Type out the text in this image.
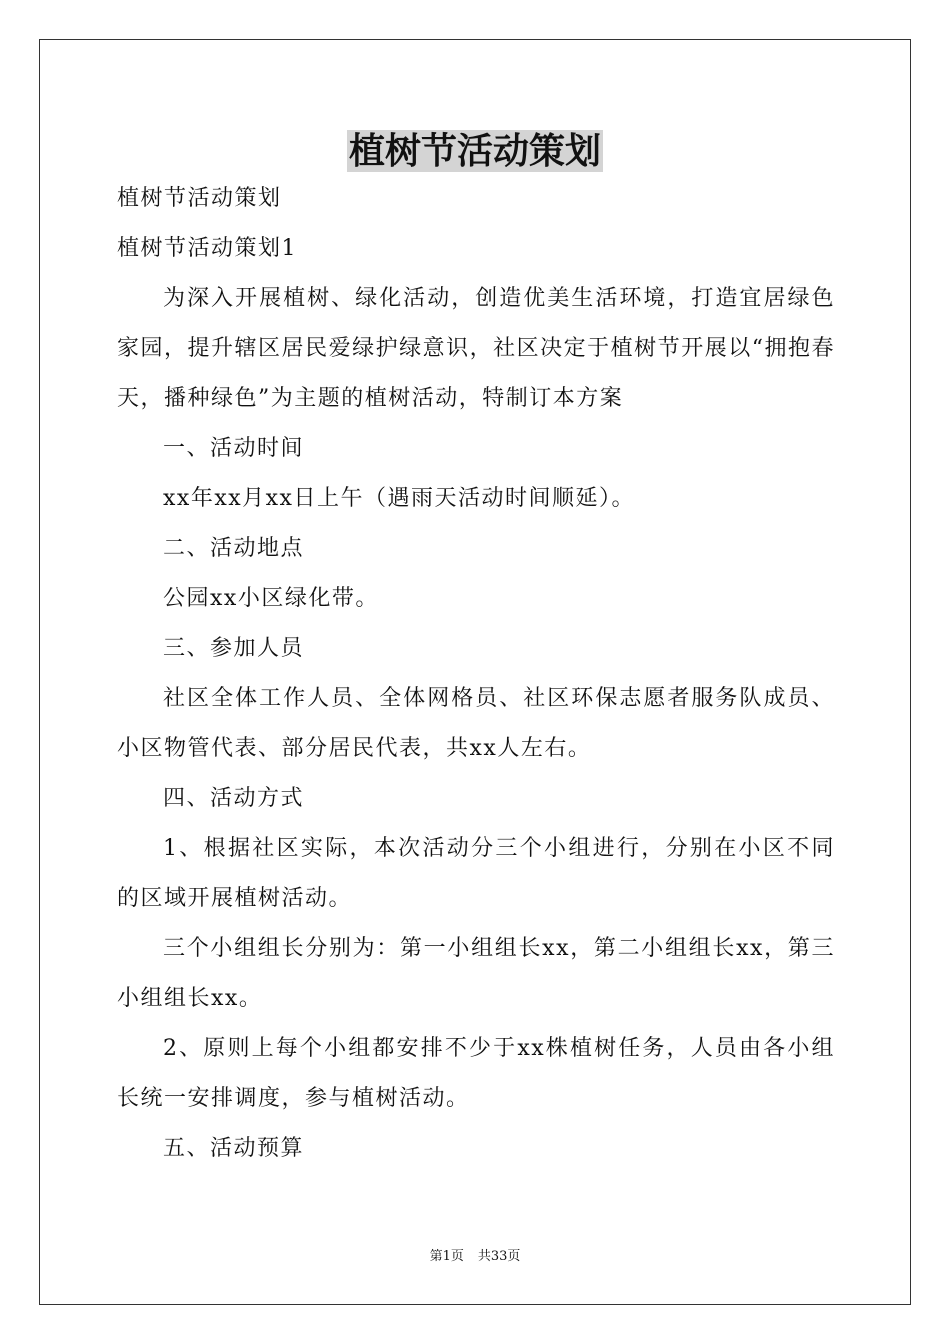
植树节活动策划

植树节活动策划

植树节活动策划1

为深入开展植树、绿化活动，创造优美生活环境，打造宜居绿色家园，提升辖区居民爱绿护绿意识，社区决定于植树节开展以“拥抱春天，播种绿色”为主题的植树活动，特制订本方案

一、活动时间

xx年xx月xx日上午（遇雨天活动时间顺延）。

二、活动地点

公园xx小区绿化带。

三、参加人员

社区全体工作人员、全体网格员、社区环保志愿者服务队成员、小区物管代表、部分居民代表，共xx人左右。

四、活动方式

1、根据社区实际，本次活动分三个小组进行，分别在小区不同的区域开展植树活动。

三个小组组长分别为：第一小组组长xx，第二小组组长xx，第三小组组长xx。

2、原则上每个小组都安排不少于xx株植树任务，人员由各小组长统一安排调度，参与植树活动。

五、活动预算

第1页 共33页
